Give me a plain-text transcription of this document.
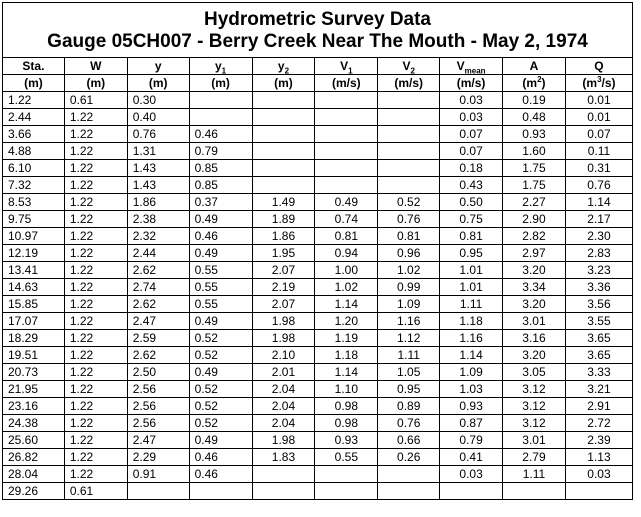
Hydrometric Survey Data
Gauge 05CH007 - Berry Creek Near The Mouth - May 2, 1974
Sta.	W	y	$y_1$	$y_2$	$V_1$	$V_2$	$V_{mean}$	A	Q
(m)	(m)	(m)	(m)	(m)	(m/s)	(m/s)	(m/s)	$(m^2)$	$(m^3/s)$
1.22	0.61	0.30					0.03	0.19	0.01
2.44	1.22	0.40					0.03	0.48	0.01
3.66	1.22	0.76	0.46				0.07	0.93	0.07
4.88	1.22	1.31	0.79				0.07	1.60	0.11
6.10	1.22	1.43	0.85				0.18	1.75	0.31
7.32	1.22	1.43	0.85				0.43	1.75	0.76
8.53	1.22	1.86	0.37	1.49	0.49	0.52	0.50	2.27	1.14
9.75	1.22	2.38	0.49	1.89	0.74	0.76	0.75	2.90	2.17
10.97	1.22	2.32	0.46	1.86	0.81	0.81	0.81	2.82	2.30
12.19	1.22	2.44	0.49	1.95	0.94	0.96	0.95	2.97	2.83
13.41	1.22	2.62	0.55	2.07	1.00	1.02	1.01	3.20	3.23
14.63	1.22	2.74	0.55	2.19	1.02	0.99	1.01	3.34	3.36
15.85	1.22	2.62	0.55	2.07	1.14	1.09	1.11	3.20	3.56
17.07	1.22	2.47	0.49	1.98	1.20	1.16	1.18	3.01	3.55
18.29	1.22	2.59	0.52	1.98	1.19	1.12	1.16	3.16	3.65
19.51	1.22	2.62	0.52	2.10	1.18	1.11	1.14	3.20	3.65
20.73	1.22	2.50	0.49	2.01	1.14	1.05	1.09	3.05	3.33
21.95	1.22	2.56	0.52	2.04	1.10	0.95	1.03	3.12	3.21
23.16	1.22	2.56	0.52	2.04	0.98	0.89	0.93	3.12	2.91
24.38	1.22	2.56	0.52	2.04	0.98	0.76	0.87	3.12	2.72
25.60	1.22	2.47	0.49	1.98	0.93	0.66	0.79	3.01	2.39
26.82	1.22	2.29	0.46	1.83	0.55	0.26	0.41	2.79	1.13
28.04	1.22	0.91	0.46				0.03	1.11	0.03
29.26	0.61								
